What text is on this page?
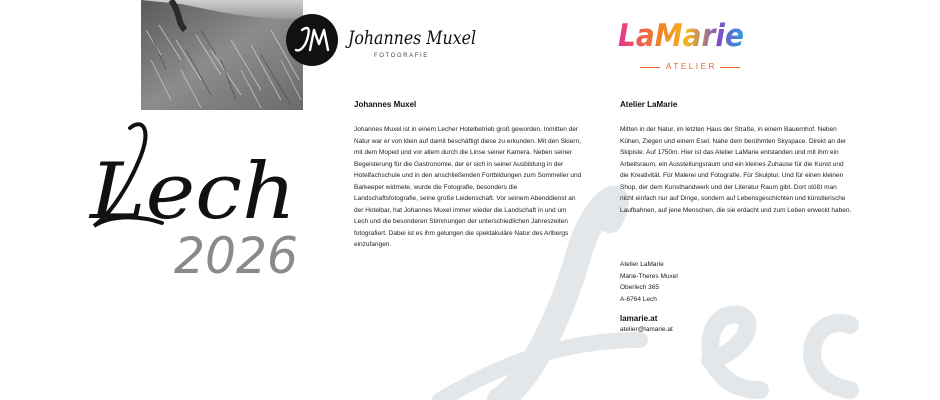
JM Johannes Muxel
FOTOGRAFIE
LaMarie
ATELIER
Lech
2026
Johannes Muxel

Johannes Muxel ist in einem Lecher Hotelbetrieb groß geworden. Inmitten der Natur war er von klein auf damit beschäftigt diese zu erkunden. Mit den Skiern, mit dem Moped und vor allem durch die Linse seiner Kamera. Neben seiner Begeisterung für die Gastronomie, der er sich in seiner Ausbildung in der Hotelfachschule und in den anschließenden Fortbildungen zum Sommelier und Barkeeper widmete, wurde die Fotografie, besonders die Landschaftsfotografie, seine große Leidenschaft. Vor seinem Abenddienst an der Hotelbar, hat Johannes Muxel immer wieder die Landschaft in und um Lech und die besonderen Stimmungen der unterschiedlichen Jahreszeiten fotografiert. Dabei ist es ihm gelungen die spektakuläre Natur des Arlbergs einzufangen.

Atelier LaMarie

Mitten in der Natur, im letzten Haus der Straße, in einem Bauernhof. Neben Kühen, Ziegen und einem Esel. Nahe dem berühmten Skyspace. Direkt an der Skipiste. Auf 1750m. Hier ist das Atelier LaMarie entstanden und mit ihm ein Arbeitsraum, ein Ausstellungsraum und ein kleines Zuhause für die Kunst und die Kreativität. Für Malerei und Fotografie. Für Skulptur. Und für einen kleinen Shop, der dem Kunsthandwerk und der Literatur Raum gibt. Dort stößt man nicht einfach nur auf Dinge, sondern auf Lebensgeschichten und künstlerische Laufbahnen, auf jene Menschen, die sie erdacht und zum Leben erweckt haben.

Atelier LaMarie
Marie-Theres Muxel
Oberlech 365
A-6764 Lech
lamarie.at
atelier@lamarie.at
